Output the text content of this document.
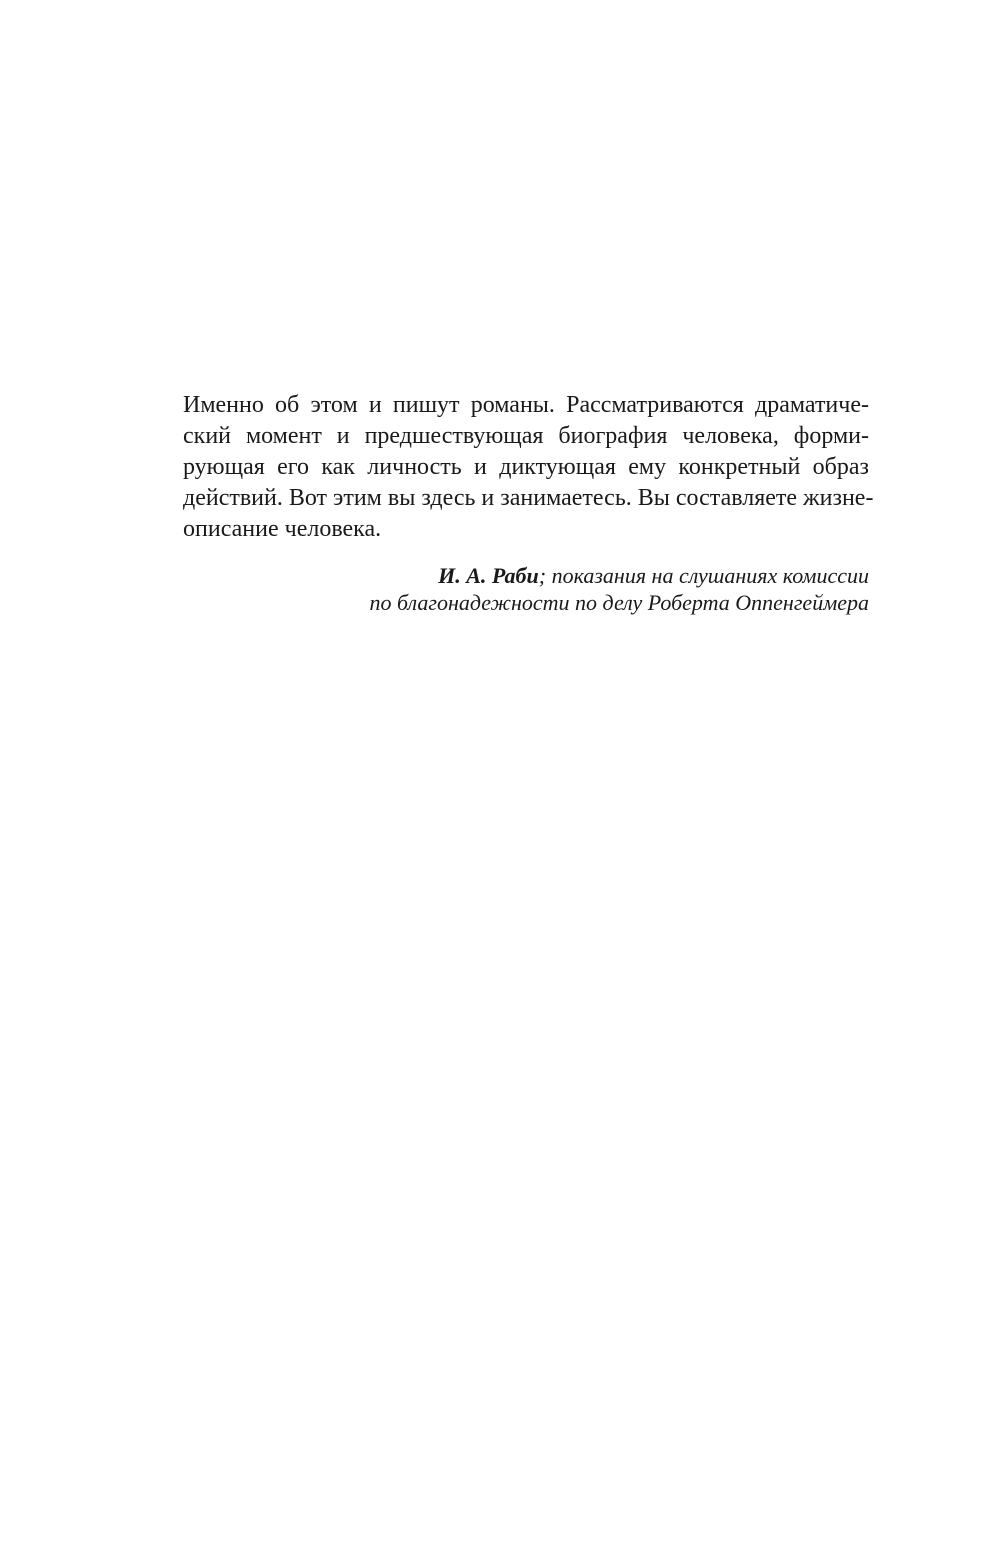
Именно об этом и пишут романы. Рассматриваются драматиче-
ский момент и предшествующая биография человека, форми-
рующая его как личность и диктующая ему конкретный образ
действий. Вот этим вы здесь и занимаетесь. Вы составляете жизне-
описание человека.
И. А. Раби; показания на слушаниях комиссии
по благонадежности по делу Роберта Оппенгеймера
